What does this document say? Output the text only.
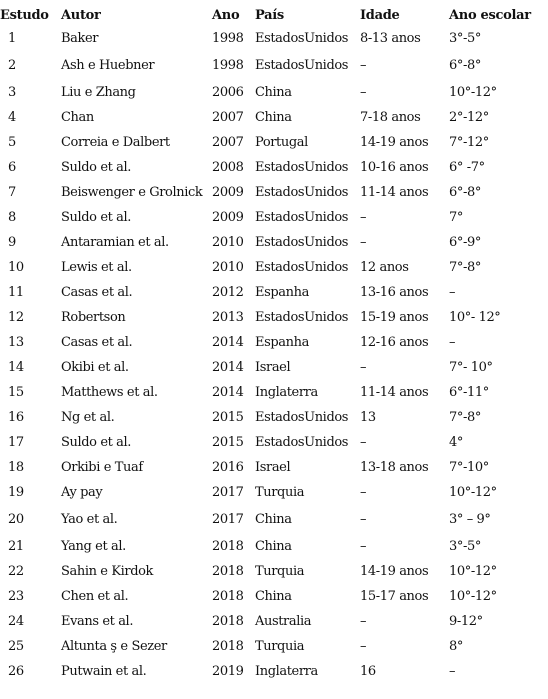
Estudo	Autor	Ano	País	Idade	Ano escolar
1	Baker	1998	EstadosUnidos	8-13 anos	3°-5°
2	Ash e Huebner	1998	EstadosUnidos	–	6°-8°
3	Liu e Zhang	2006	China	–	10°-12°
4	Chan	2007	China	7-18 anos	2°-12°
5	Correia e Dalbert	2007	Portugal	14-19 anos	7°-12°
6	Suldo et al.	2008	EstadosUnidos	10-16 anos	6° -7°
7	Beiswenger e Grolnick	2009	EstadosUnidos	11-14 anos	6°-8°
8	Suldo et al.	2009	EstadosUnidos	–	7°
9	Antaramian et al.	2010	EstadosUnidos	–	6°-9°
10	Lewis et al.	2010	EstadosUnidos	12 anos	7°-8°
11	Casas et al.	2012	Espanha	13-16 anos	–
12	Robertson	2013	EstadosUnidos	15-19 anos	10°- 12°
13	Casas et al.	2014	Espanha	12-16 anos	–
14	Okibi et al.	2014	Israel	–	7°- 10°
15	Matthews et al.	2014	Inglaterra	11-14 anos	6°-11°
16	Ng et al.	2015	EstadosUnidos	13	7°-8°
17	Suldo et al.	2015	EstadosUnidos	–	4°
18	Orkibi e Tuaf	2016	Israel	13-18 anos	7°-10°
19	Ay pay	2017	Turquia	–	10°-12°
20	Yao et al.	2017	China	–	3° – 9°
21	Yang et al.	2018	China	–	3°-5°
22	Sahin e Kirdok	2018	Turquia	14-19 anos	10°-12°
23	Chen et al.	2018	China	15-17 anos	10°-12°
24	Evans et al.	2018	Australia	–	9-12°
25	Altunta ş e Sezer	2018	Turquia	–	8°
26	Putwain et al.	2019	Inglaterra	16	–
